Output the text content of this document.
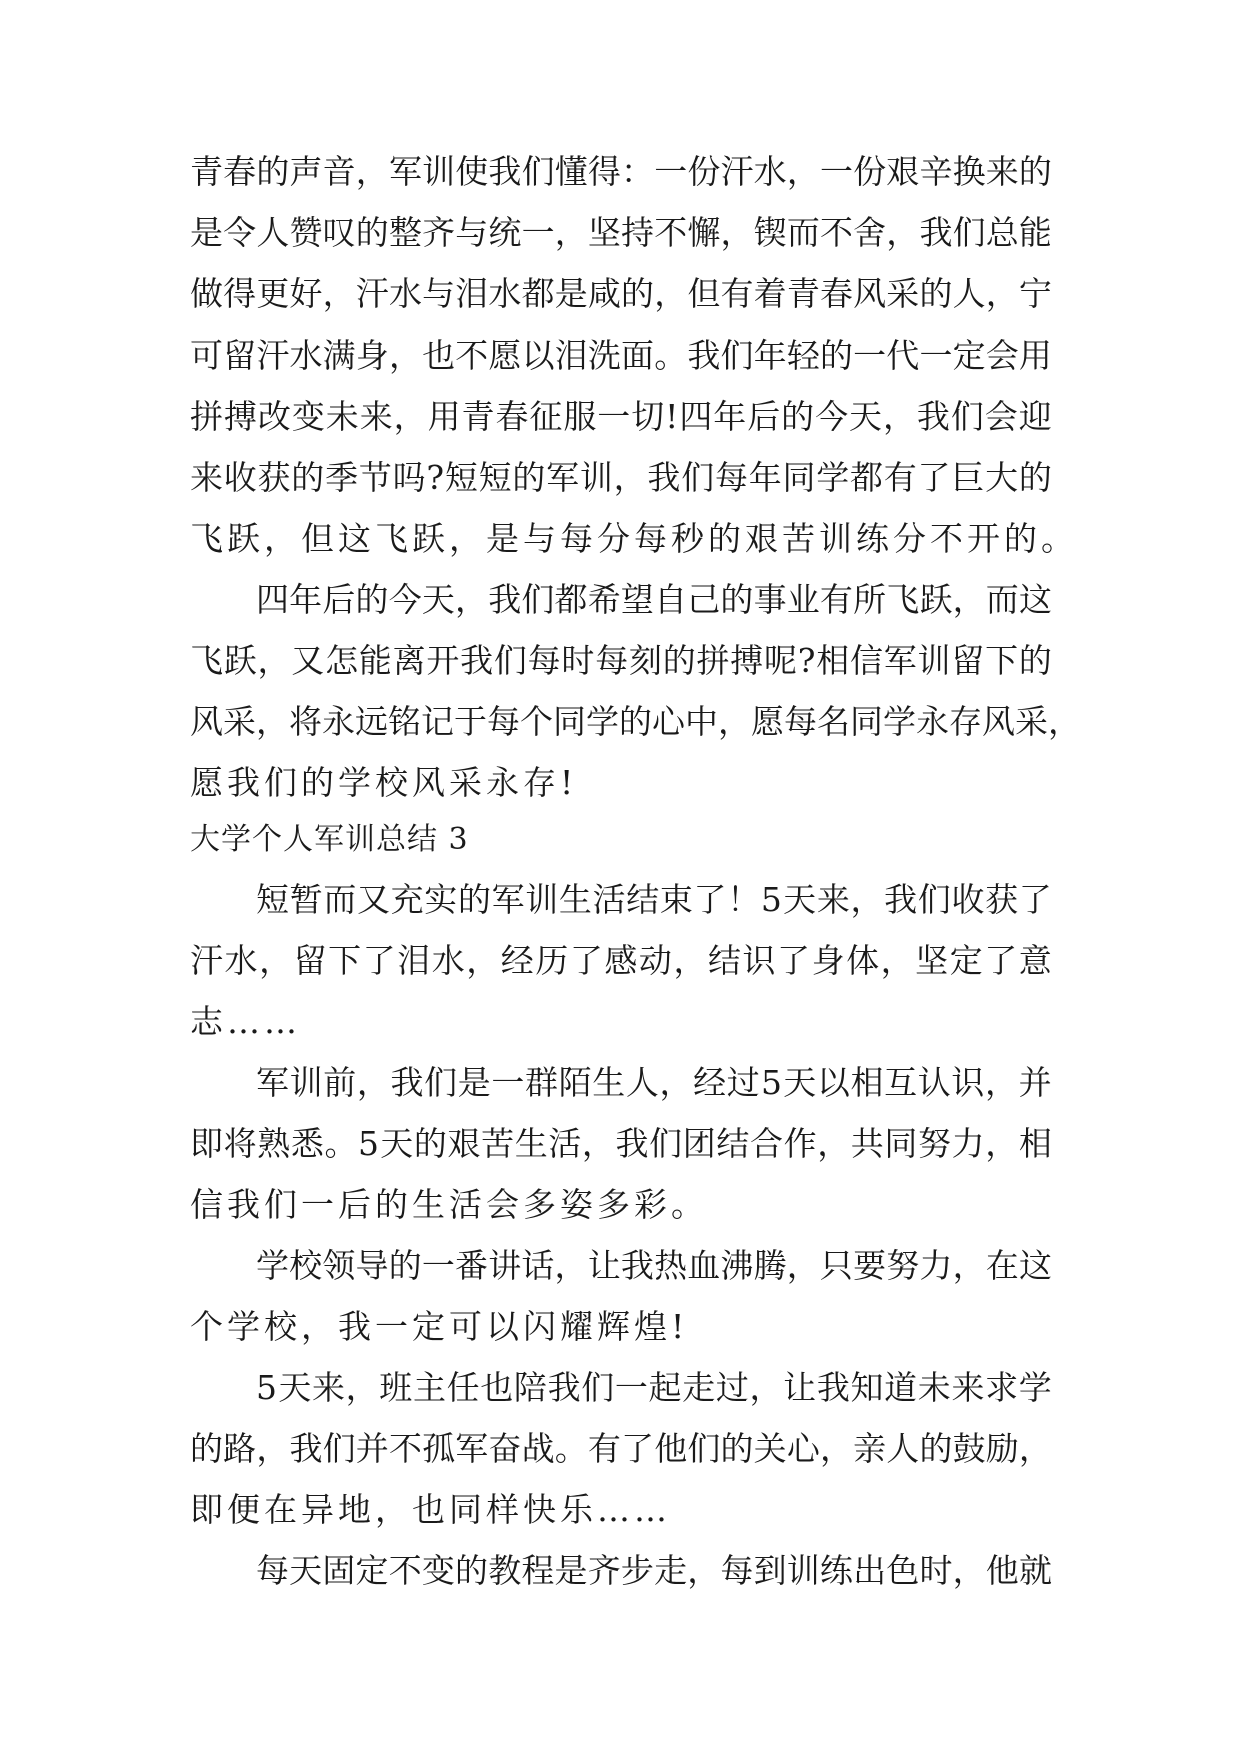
青 春 的 声 音 ， 军 训 使 我 们 懂 得 ： 一 份 汗 水 ， 一 份 艰 辛 换 来 的
是 令 人 赞 叹 的 整 齐 与 统 一 ， 坚 持 不 懈 ， 锲 而 不 舍 ， 我 们 总 能
做 得 更 好 ， 汗 水 与 泪 水 都 是 咸 的 ， 但 有 着 青 春 风 采 的 人 ， 宁
可 留 汗 水 满 身 ， 也 不 愿 以 泪 洗 面 。 我 们 年 轻 的 一 代 一 定 会 用
拼 搏 改 变 未 来 ， 用 青 春 征 服 一 切 ! 四 年 后 的 今 天 ， 我 们 会 迎
来 收 获 的 季 节 吗 ? 短 短 的 军 训 ， 我 们 每 年 同 学 都 有 了 巨 大 的
飞跃，但这飞跃，是与每分每秒的艰苦训练分不开的。
四 年 后 的 今 天 ， 我 们 都 希 望 自 己 的 事 业 有 所 飞 跃 ， 而 这
飞 跃 ， 又 怎 能 离 开 我 们 每 时 每 刻 的 拼 搏 呢 ? 相 信 军 训 留 下 的
风 采 ， 将 永 远 铭 记 于 每 个 同 学 的 心 中 ， 愿 每 名 同 学 永 存 风 采 ，
愿我们的学校风采永存!
大学个人军训总结 3
短 暂 而 又 充 实 的 军 训 生 活 结 束 了 ！ 5 天 来 ， 我 们 收 获 了
汗 水 ， 留 下 了 泪 水 ， 经 历 了 感 动 ， 结 识 了 身 体 ， 坚 定 了 意
志……
军 训 前 ， 我 们 是 一 群 陌 生 人 ， 经 过 5 天 以 相 互 认 识 ， 并
即 将 熟 悉 。 5 天 的 艰 苦 生 活 ， 我 们 团 结 合 作 ， 共 同 努 力 ， 相
信我们一后的生活会多姿多彩。
学 校 领 导 的 一 番 讲 话 ， 让 我 热 血 沸 腾 ， 只 要 努 力 ， 在 这
个学校，我一定可以闪耀辉煌!
5 天 来 ， 班 主 任 也 陪 我 们 一 起 走 过 ， 让 我 知 道 未 来 求 学
的 路 ， 我 们 并 不 孤 军 奋 战 。 有 了 他 们 的 关 心 ， 亲 人 的 鼓 励 ，
即便在异地，也同样快乐……
每 天 固 定 不 变 的 教 程 是 齐 步 走 ， 每 到 训 练 出 色 时 ， 他 就
